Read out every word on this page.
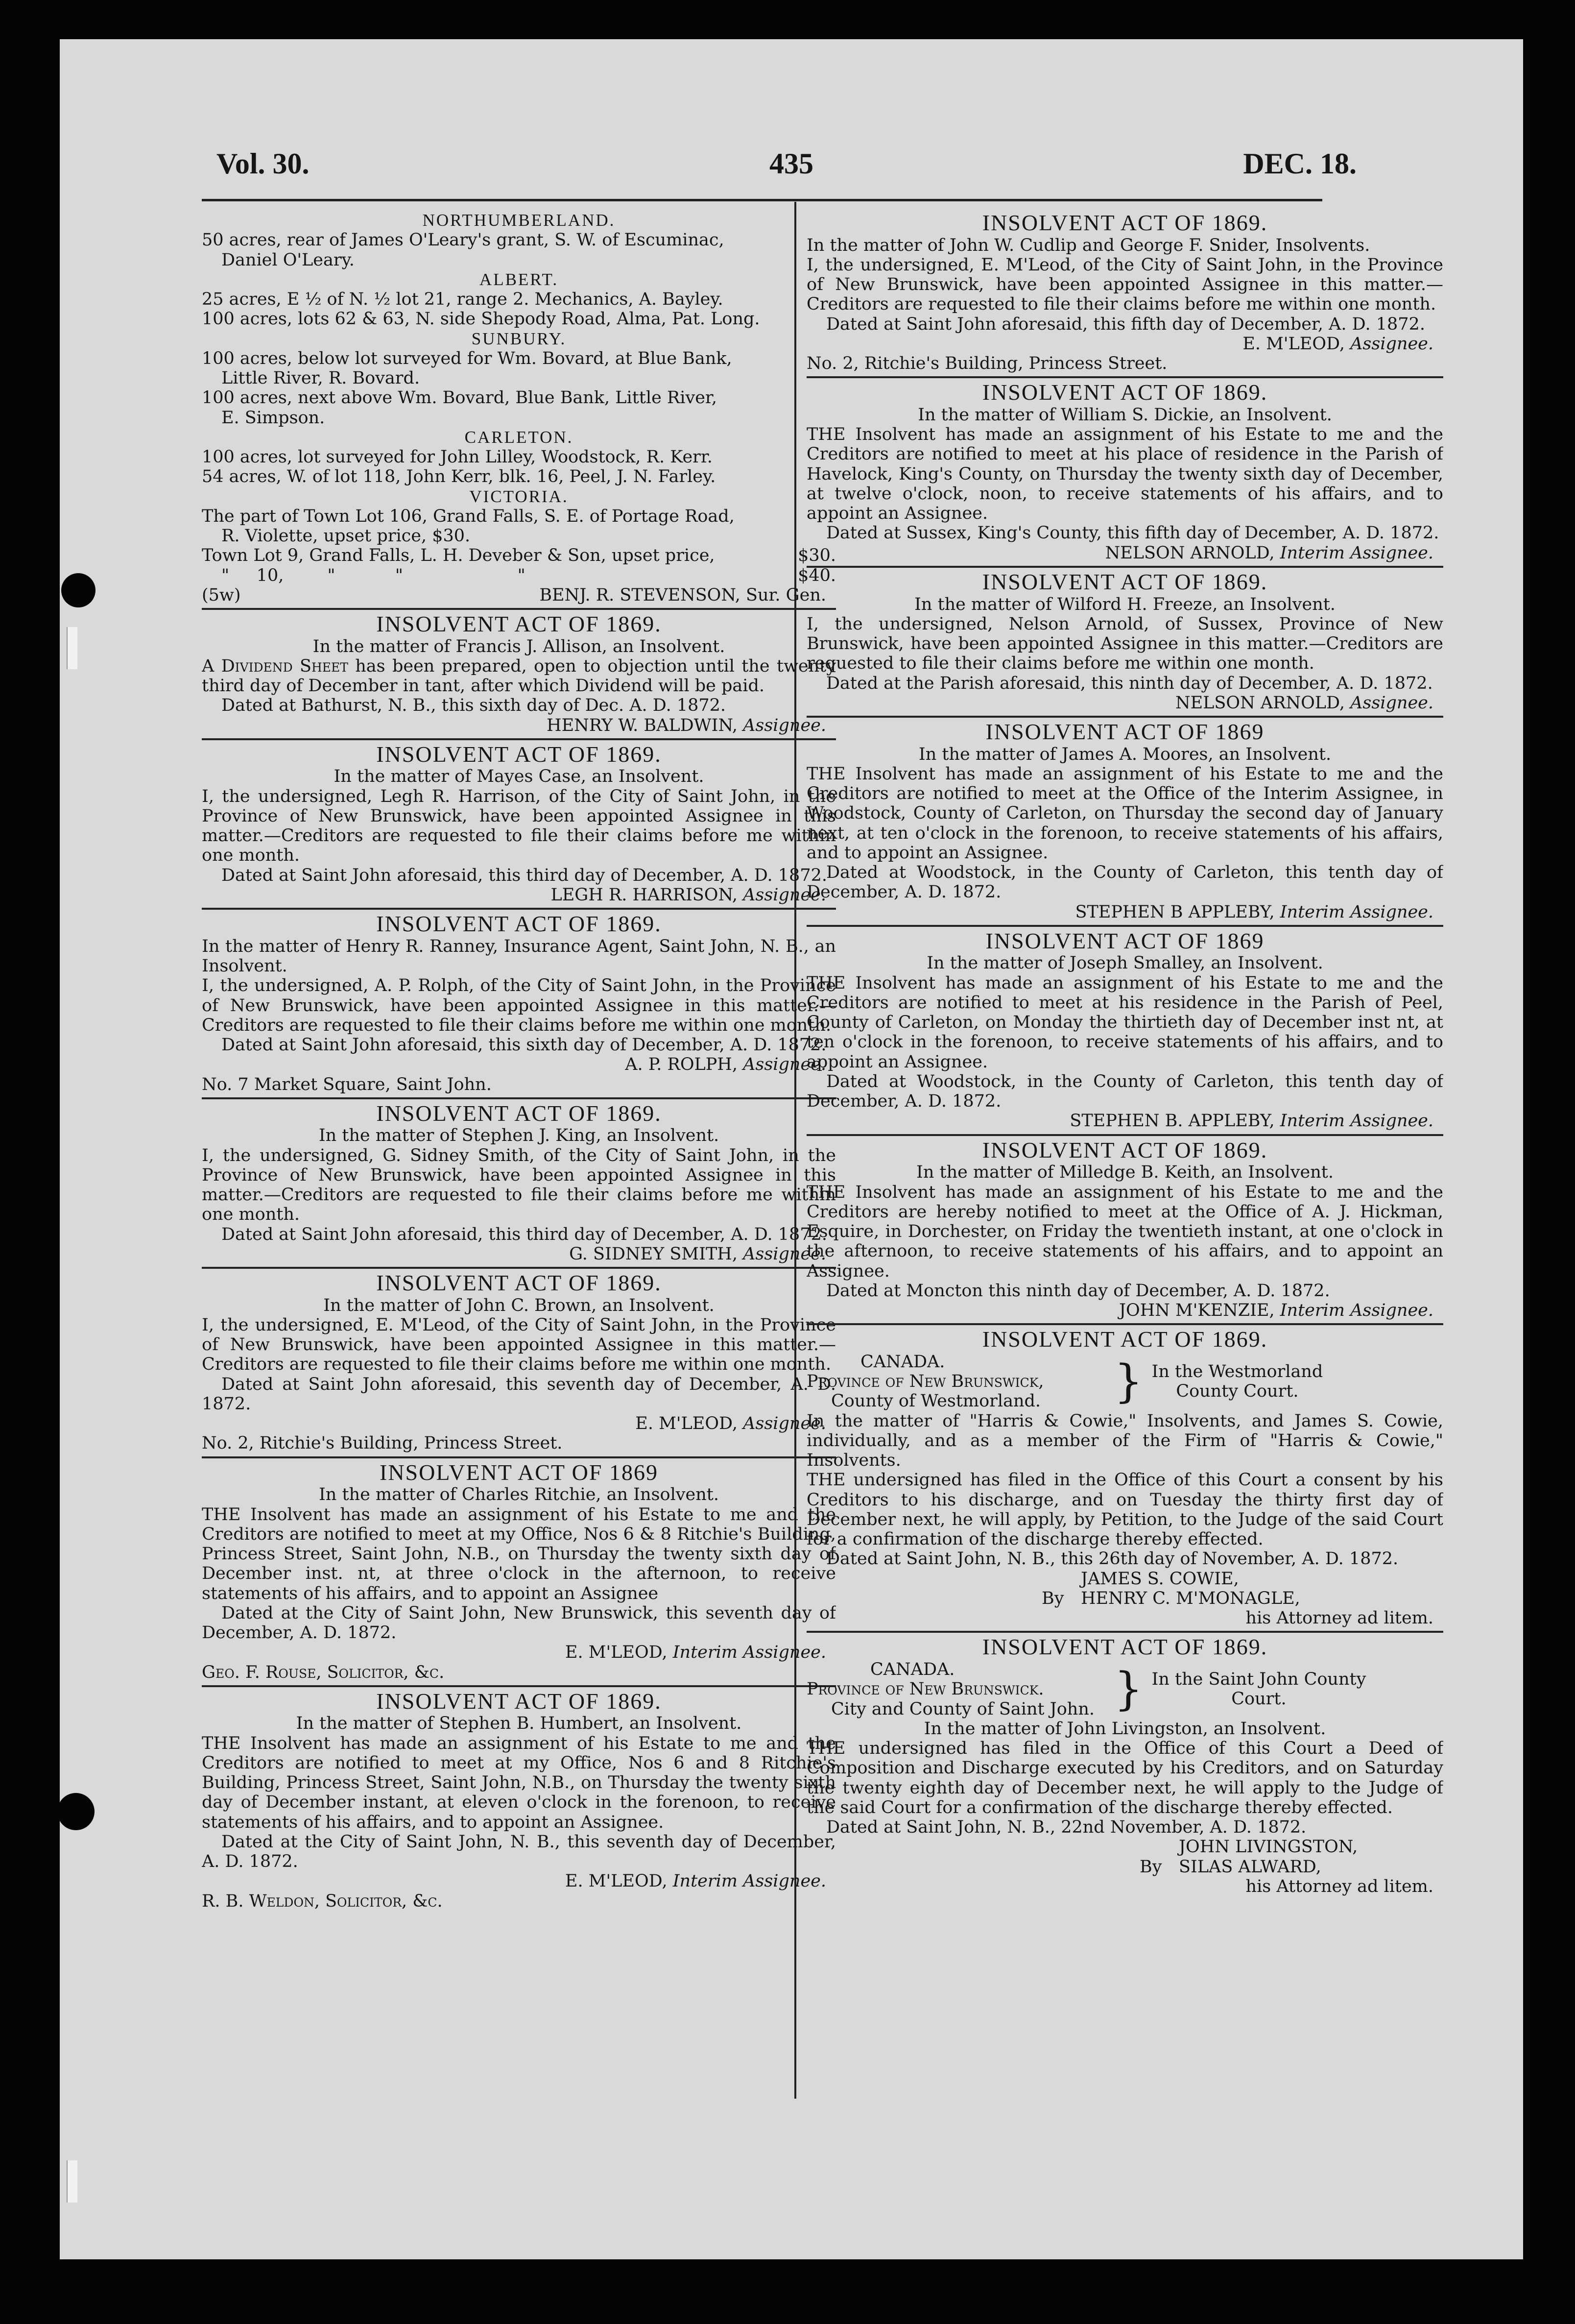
Vol. 30.	435	DEC. 18.

NORTHUMBERLAND.

50 acres, rear of James O'Leary's grant, S. W. of Escuminac,

Daniel O'Leary.

ALBERT.

25 acres, E ½ of N. ½ lot 21, range 2. Mechanics, A. Bayley.

100 acres, lots 62 & 63, N. side Shepody Road, Alma, Pat. Long.

SUNBURY.

100 acres, below lot surveyed for Wm. Bovard, at Blue Bank,

Little River, R. Bovard.

100 acres, next above Wm. Bovard, Blue Bank, Little River,

E. Simpson.

CARLETON.

100 acres, lot surveyed for John Lilley, Woodstock, R. Kerr.

54 acres, W. of lot 118, John Kerr, blk. 16, Peel, J. N. Farley.

VICTORIA.

The part of Town Lot 106, Grand Falls, S. E. of Portage Road,

R. Violette, upset price, $30.

Town Lot 9, Grand Falls, L. H. Deveber & Son, upset price,	$30.
"     10,        "           "                     "	$40.
(5w)	BENJ. R. STEVENSON, Sur. Gen.

INSOLVENT ACT OF 1869.

In the matter of Francis J. Allison, an Insolvent.

A Dividend Sheet has been prepared, open to objection until the twenty third day of December in tant, after which Dividend will be paid.

Dated at Bathurst, N. B., this sixth day of Dec. A. D. 1872.

HENRY W. BALDWIN, Assignee.

INSOLVENT ACT OF 1869.

In the matter of Mayes Case, an Insolvent.

I, the undersigned, Legh R. Harrison, of the City of Saint John, in the Province of New Brunswick, have been appointed Assignee in this matter.—Creditors are requested to file their claims before me within one month.

Dated at Saint John aforesaid, this third day of December, A. D. 1872.

LEGH R. HARRISON, Assignee.

INSOLVENT ACT OF 1869.

In the matter of Henry R. Ranney, Insurance Agent, Saint John, N. B., an Insolvent.

I, the undersigned, A. P. Rolph, of the City of Saint John, in the Province of New Brunswick, have been appointed Assignee in this matter.—Creditors are requested to file their claims before me within one month.

Dated at Saint John aforesaid, this sixth day of December, A. D. 1872.

A. P. ROLPH, Assignee.

No. 7 Market Square, Saint John.

INSOLVENT ACT OF 1869.

In the matter of Stephen J. King, an Insolvent.

I, the undersigned, G. Sidney Smith, of the City of Saint John, in the Province of New Brunswick, have been appointed Assignee in this matter.—Creditors are requested to file their claims before me within one month.

Dated at Saint John aforesaid, this third day of December, A. D. 1872.

G. SIDNEY SMITH, Assignee.

INSOLVENT ACT OF 1869.

In the matter of John C. Brown, an Insolvent.

I, the undersigned, E. M'Leod, of the City of Saint John, in the Province of New Brunswick, have been appointed Assignee in this matter.—Creditors are requested to file their claims before me within one month.

Dated at Saint John aforesaid, this seventh day of December, A. D. 1872.

E. M'LEOD, Assignee.

No. 2, Ritchie's Building, Princess Street.

INSOLVENT ACT OF 1869

In the matter of Charles Ritchie, an Insolvent.

THE Insolvent has made an assignment of his Estate to me and the Creditors are notified to meet at my Office, Nos 6 & 8 Ritchie's Building, Princess Street, Saint John, N.B., on Thursday the twenty sixth day of December inst. nt, at three o'clock in the afternoon, to receive statements of his affairs, and to appoint an Assignee

Dated at the City of Saint John, New Brunswick, this seventh day of December, A. D. 1872.

E. M'LEOD, Interim Assignee.

Geo. F. Rouse, Solicitor, &c.

INSOLVENT ACT OF 1869.

In the matter of Stephen B. Humbert, an Insolvent.

THE Insolvent has made an assignment of his Estate to me and the Creditors are notified to meet at my Office, Nos 6 and 8 Ritchie's Building, Princess Street, Saint John, N.B., on Thursday the twenty sixth day of December instant, at eleven o'clock in the forenoon, to receive statements of his affairs, and to appoint an Assignee.

Dated at the City of Saint John, N. B., this seventh day of December, A. D. 1872.

E. M'LEOD, Interim Assignee.

R. B. Weldon, Solicitor, &c.

INSOLVENT ACT OF 1869.

In the matter of John W. Cudlip and George F. Snider, Insolvents.

I, the undersigned, E. M'Leod, of the City of Saint John, in the Province of New Brunswick, have been appointed Assignee in this matter.—Creditors are requested to file their claims before me within one month.

Dated at Saint John aforesaid, this fifth day of December, A. D. 1872.

E. M'LEOD, Assignee.

No. 2, Ritchie's Building, Princess Street.

INSOLVENT ACT OF 1869.

In the matter of William S. Dickie, an Insolvent.

THE Insolvent has made an assignment of his Estate to me and the Creditors are notified to meet at his place of residence in the Parish of Havelock, King's County, on Thursday the twenty sixth day of December, at twelve o'clock, noon, to receive statements of his affairs, and to appoint an Assignee.

Dated at Sussex, King's County, this fifth day of December, A. D. 1872.

NELSON ARNOLD, Interim Assignee.

INSOLVENT ACT OF 1869.

In the matter of Wilford H. Freeze, an Insolvent.

I, the undersigned, Nelson Arnold, of Sussex, Province of New Brunswick, have been appointed Assignee in this matter.—Creditors are requested to file their claims before me within one month.

Dated at the Parish aforesaid, this ninth day of December, A. D. 1872.

NELSON ARNOLD, Assignee.

INSOLVENT ACT OF 1869

In the matter of James A. Moores, an Insolvent.

THE Insolvent has made an assignment of his Estate to me and the Creditors are notified to meet at the Office of the Interim Assignee, in Woodstock, County of Carleton, on Thursday the second day of January next, at ten o'clock in the forenoon, to receive statements of his affairs, and to appoint an Assignee.

Dated at Woodstock, in the County of Carleton, this tenth day of December, A. D. 1872.

STEPHEN B APPLEBY, Interim Assignee.

INSOLVENT ACT OF 1869

In the matter of Joseph Smalley, an Insolvent.

THE Insolvent has made an assignment of his Estate to me and the Creditors are notified to meet at his residence in the Parish of Peel, County of Carleton, on Monday the thirtieth day of December inst nt, at ten o'clock in the forenoon, to receive statements of his affairs, and to appoint an Assignee.

Dated at Woodstock, in the County of Carleton, this tenth day of December, A. D. 1872.

STEPHEN B. APPLEBY, Interim Assignee.

INSOLVENT ACT OF 1869.

In the matter of Milledge B. Keith, an Insolvent.

THE Insolvent has made an assignment of his Estate to me and the Creditors are hereby notified to meet at the Office of A. J. Hickman, Esquire, in Dorchester, on Friday the twentieth instant, at one o'clock in the afternoon, to receive statements of his affairs, and to appoint an Assignee.

Dated at Moncton this ninth day of December, A. D. 1872.

JOHN M'KENZIE, Interim Assignee.

INSOLVENT ACT OF 1869.

CANADA.

Province of New Brunswick,

County of Westmorland.	} In the Westmorland

County Court.

In the matter of "Harris & Cowie," Insolvents, and James S. Cowie, individually, and as a member of the Firm of "Harris & Cowie," Insolvents.

THE undersigned has filed in the Office of this Court a consent by his Creditors to his discharge, and on Tuesday the thirty first day of December next, he will apply, by Petition, to the Judge of the said Court for a confirmation of the discharge thereby effected.

Dated at Saint John, N. B., this 26th day of November, A. D. 1872.

JAMES S. COWIE,

By HENRY C. M'MONAGLE,

his Attorney ad litem.

INSOLVENT ACT OF 1869.

CANADA.

Province of New Brunswick.

City and County of Saint John. } In the Saint John County

Court.

In the matter of John Livingston, an Insolvent.

THE undersigned has filed in the Office of this Court a Deed of Composition and Discharge executed by his Creditors, and on Saturday the twenty eighth day of December next, he will apply to the Judge of the said Court for a confirmation of the discharge thereby effected.

Dated at Saint John, N. B., 22nd November, A. D. 1872.

JOHN LIVINGSTON,

By SILAS ALWARD,

his Attorney ad litem.
